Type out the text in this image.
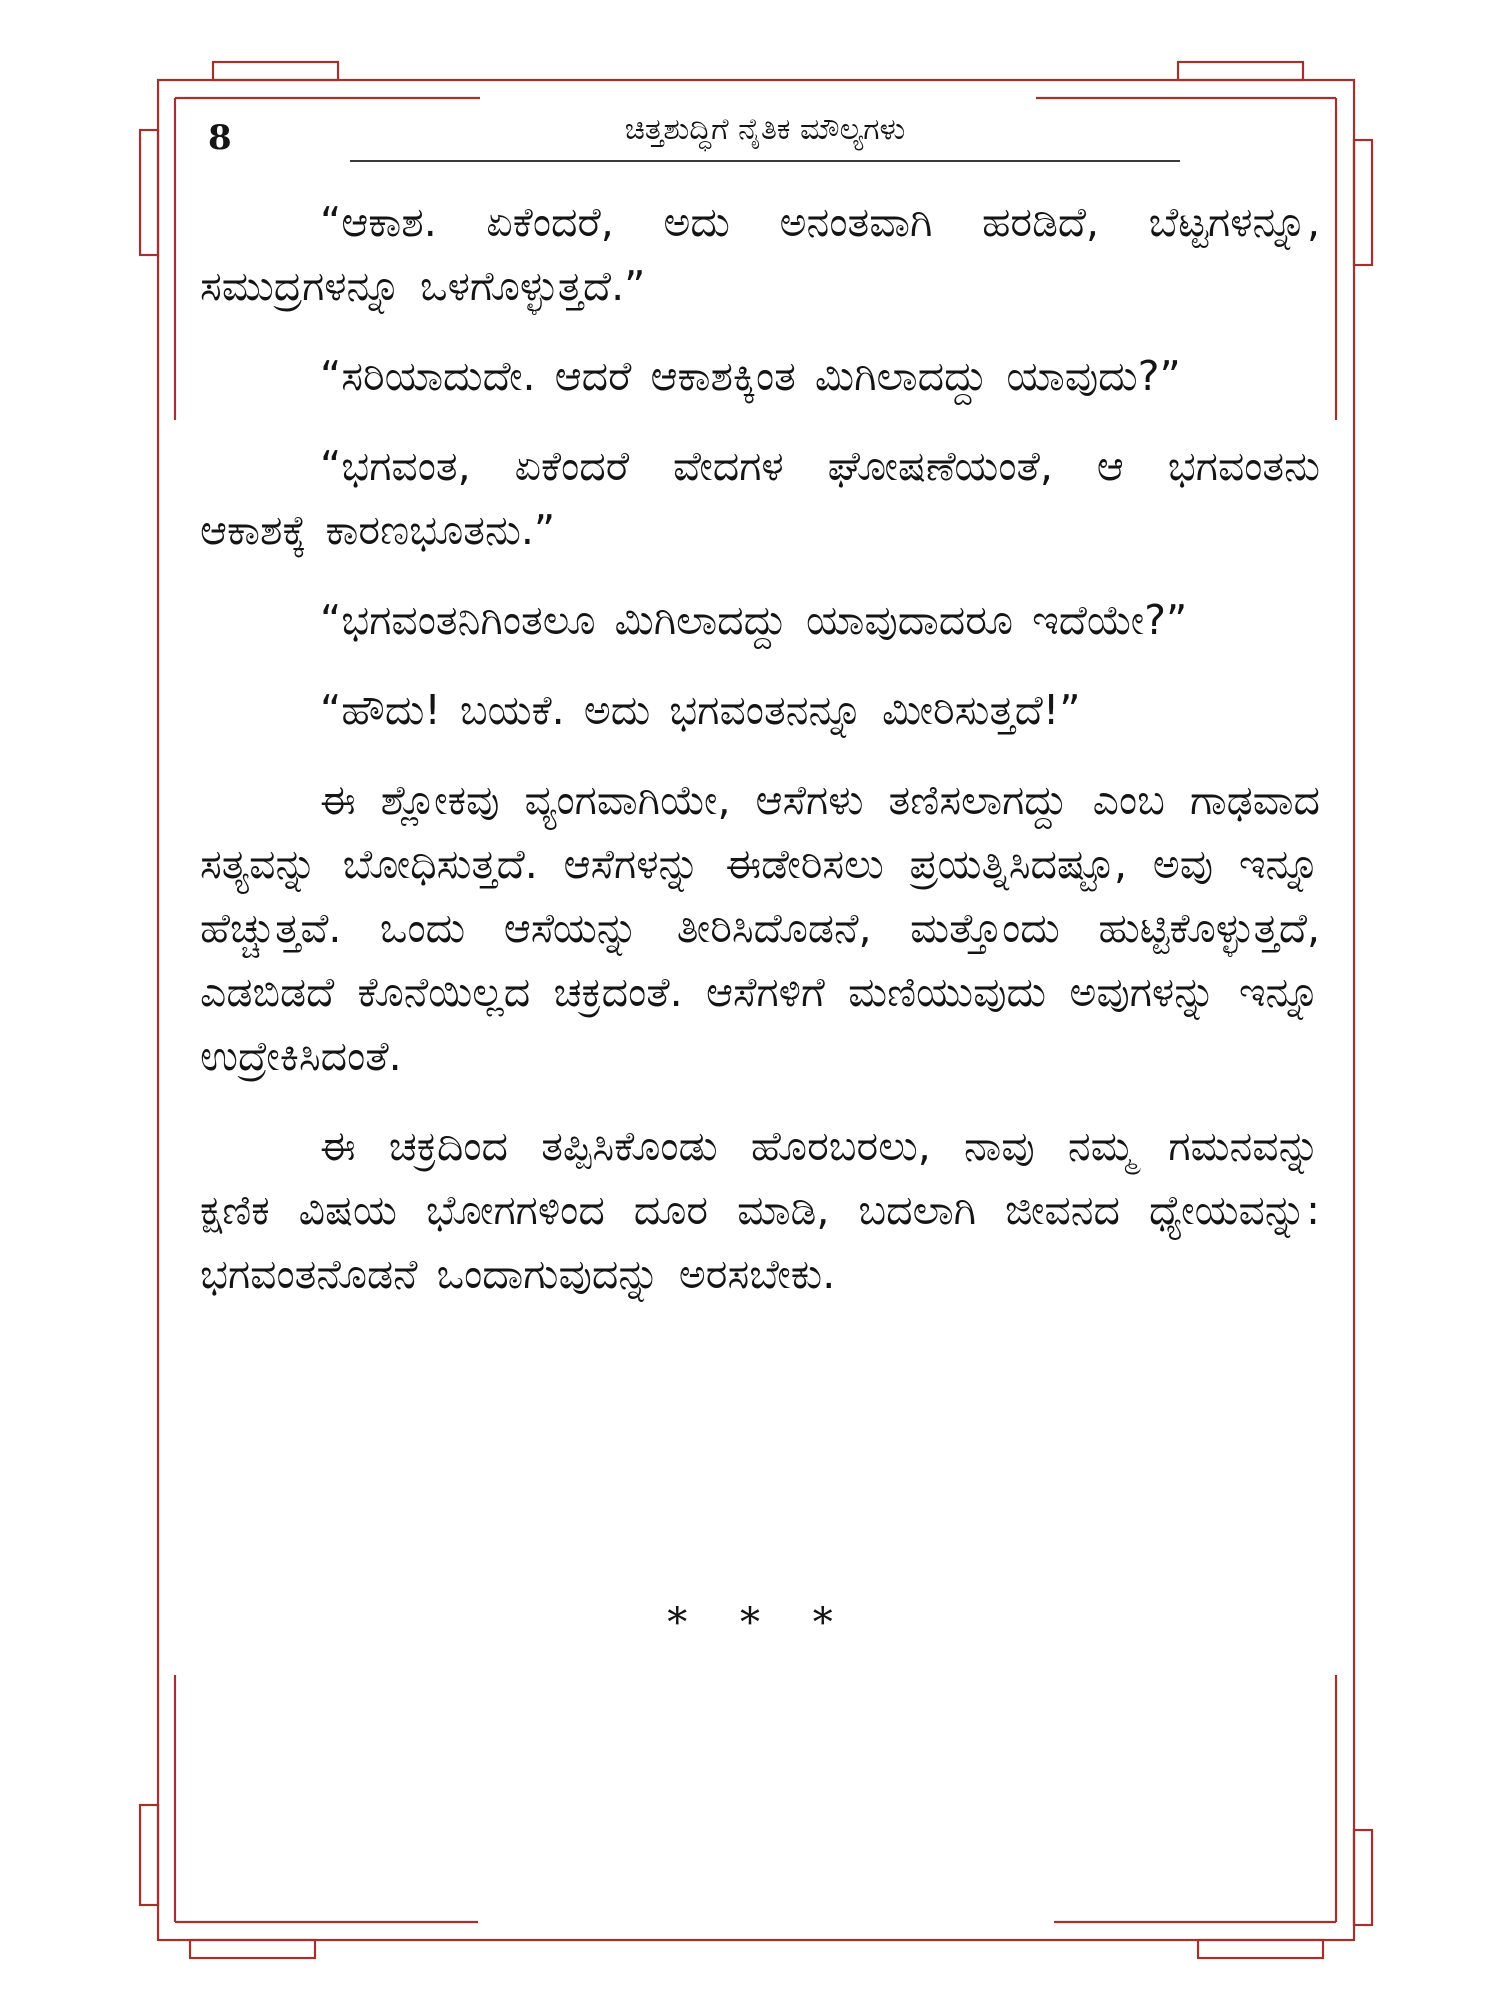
8	ಚಿತ್ತಶುದ್ಧಿಗೆ ನೈತಿಕ ಮೌಲ್ಯಗಳು

“ಆಕಾಶ. ಏಕೆಂದರೆ, ಅದು ಅನಂತವಾಗಿ ಹರಡಿದೆ, ಬೆಟ್ಟಗಳನ್ನೂ, ಸಮುದ್ರಗಳನ್ನೂ ಒಳಗೊಳ್ಳುತ್ತದೆ.”

“ಸರಿಯಾದುದೇ. ಆದರೆ ಆಕಾಶಕ್ಕಿಂತ ಮಿಗಿಲಾದದ್ದು ಯಾವುದು?”

“ಭಗವಂತ, ಏಕೆಂದರೆ ವೇದಗಳ ಘೋಷಣೆಯಂತೆ, ಆ ಭಗವಂತನು ಆಕಾಶಕ್ಕೆ ಕಾರಣಭೂತನು.”

“ಭಗವಂತನಿಗಿಂತಲೂ ಮಿಗಿಲಾದದ್ದು ಯಾವುದಾದರೂ ಇದೆಯೇ?”

“ಹೌದು! ಬಯಕೆ. ಅದು ಭಗವಂತನನ್ನೂ ಮೀರಿಸುತ್ತದೆ!”

ಈ ಶ್ಲೋಕವು ವ್ಯಂಗವಾಗಿಯೇ, ಆಸೆಗಳು ತಣಿಸಲಾಗದ್ದು ಎಂಬ ಗಾಢವಾದ ಸತ್ಯವನ್ನು ಬೋಧಿಸುತ್ತದೆ. ಆಸೆಗಳನ್ನು ಈಡೇರಿಸಲು ಪ್ರಯತ್ನಿಸಿದಷ್ಟೂ, ಅವು ಇನ್ನೂ ಹೆಚ್ಚುತ್ತವೆ. ಒಂದು ಆಸೆಯನ್ನು ತೀರಿಸಿದೊಡನೆ, ಮತ್ತೊಂದು ಹುಟ್ಟಿಕೊಳ್ಳುತ್ತದೆ, ಎಡಬಿಡದೆ ಕೊನೆಯಿಲ್ಲದ ಚಕ್ರದಂತೆ. ಆಸೆಗಳಿಗೆ ಮಣಿಯುವುದು ಅವುಗಳನ್ನು ಇನ್ನೂ ಉದ್ರೇಕಿಸಿದಂತೆ.

ಈ ಚಕ್ರದಿಂದ ತಪ್ಪಿಸಿಕೊಂಡು ಹೊರಬರಲು, ನಾವು ನಮ್ಮ ಗಮನವನ್ನು ಕ್ಷಣಿಕ ವಿಷಯ ಭೋಗಗಳಿಂದ ದೂರ ಮಾಡಿ, ಬದಲಾಗಿ ಜೀವನದ ಧ್ಯೇಯವನ್ನು: ಭಗವಂತನೊಡನೆ ಒಂದಾಗುವುದನ್ನು ಅರಸಬೇಕು.

* * *
